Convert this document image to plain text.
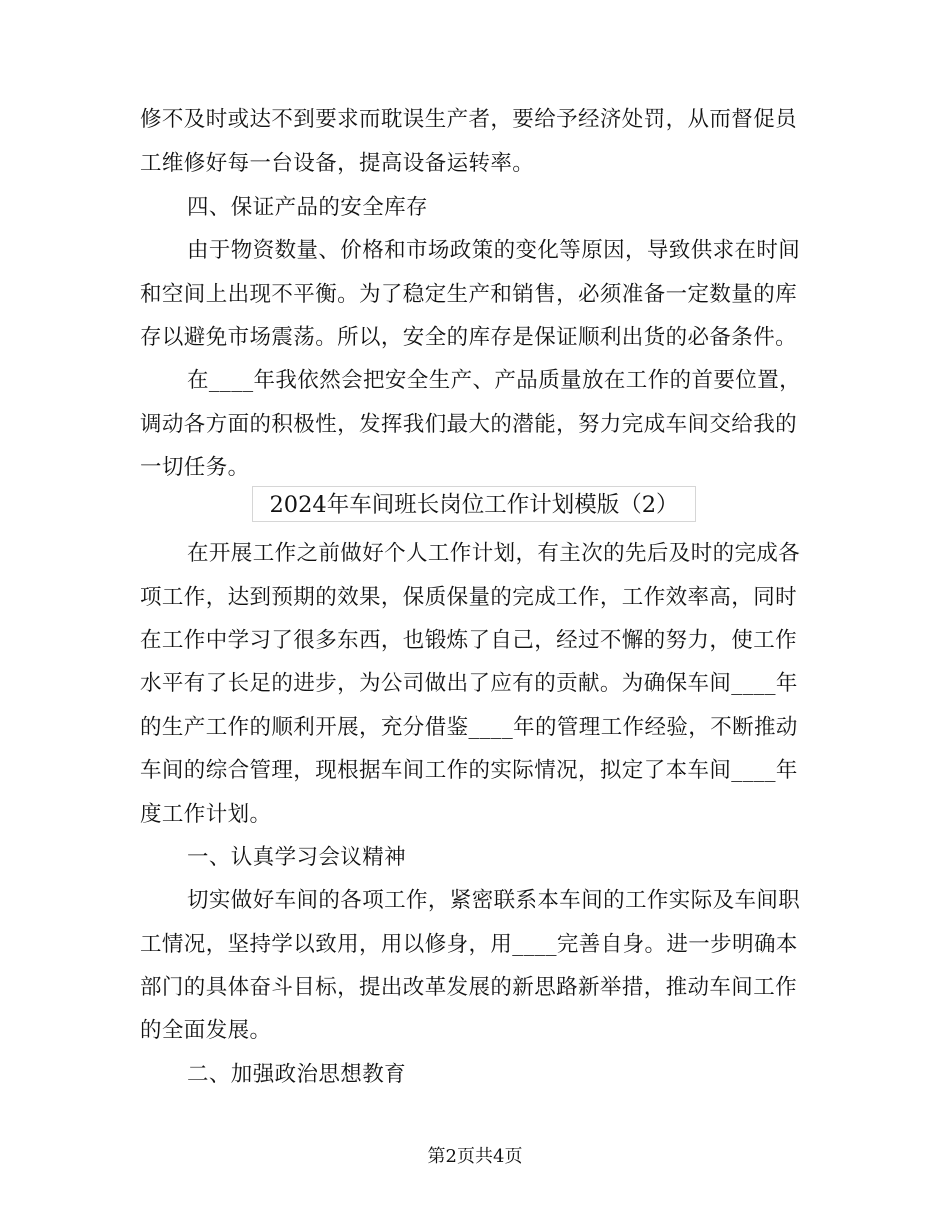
修不及时或达不到要求而耽误生产者，要给予经济处罚，从而督促员
工维修好每一台设备，提高设备运转率。
四、保证产品的安全库存
由于物资数量、价格和市场政策的变化等原因，导致供求在时间
和空间上出现不平衡。为了稳定生产和销售，必须准备一定数量的库
存以避免市场震荡。所以，安全的库存是保证顺利出货的必备条件。
在____年我依然会把安全生产、产品质量放在工作的首要位置，
调动各方面的积极性，发挥我们最大的潜能，努力完成车间交给我的
一切任务。
2024年车间班长岗位工作计划模版（2）
在开展工作之前做好个人工作计划，有主次的先后及时的完成各
项工作，达到预期的效果，保质保量的完成工作，工作效率高，同时
在工作中学习了很多东西，也锻炼了自己，经过不懈的努力，使工作
水平有了长足的进步，为公司做出了应有的贡献。为确保车间____年
的生产工作的顺利开展，充分借鉴____年的管理工作经验，不断推动
车间的综合管理，现根据车间工作的实际情况，拟定了本车间____年
度工作计划。
一、认真学习会议精神
切实做好车间的各项工作，紧密联系本车间的工作实际及车间职
工情况，坚持学以致用，用以修身，用____完善自身。进一步明确本
部门的具体奋斗目标，提出改革发展的新思路新举措，推动车间工作
的全面发展。
二、加强政治思想教育
第2页共4页
